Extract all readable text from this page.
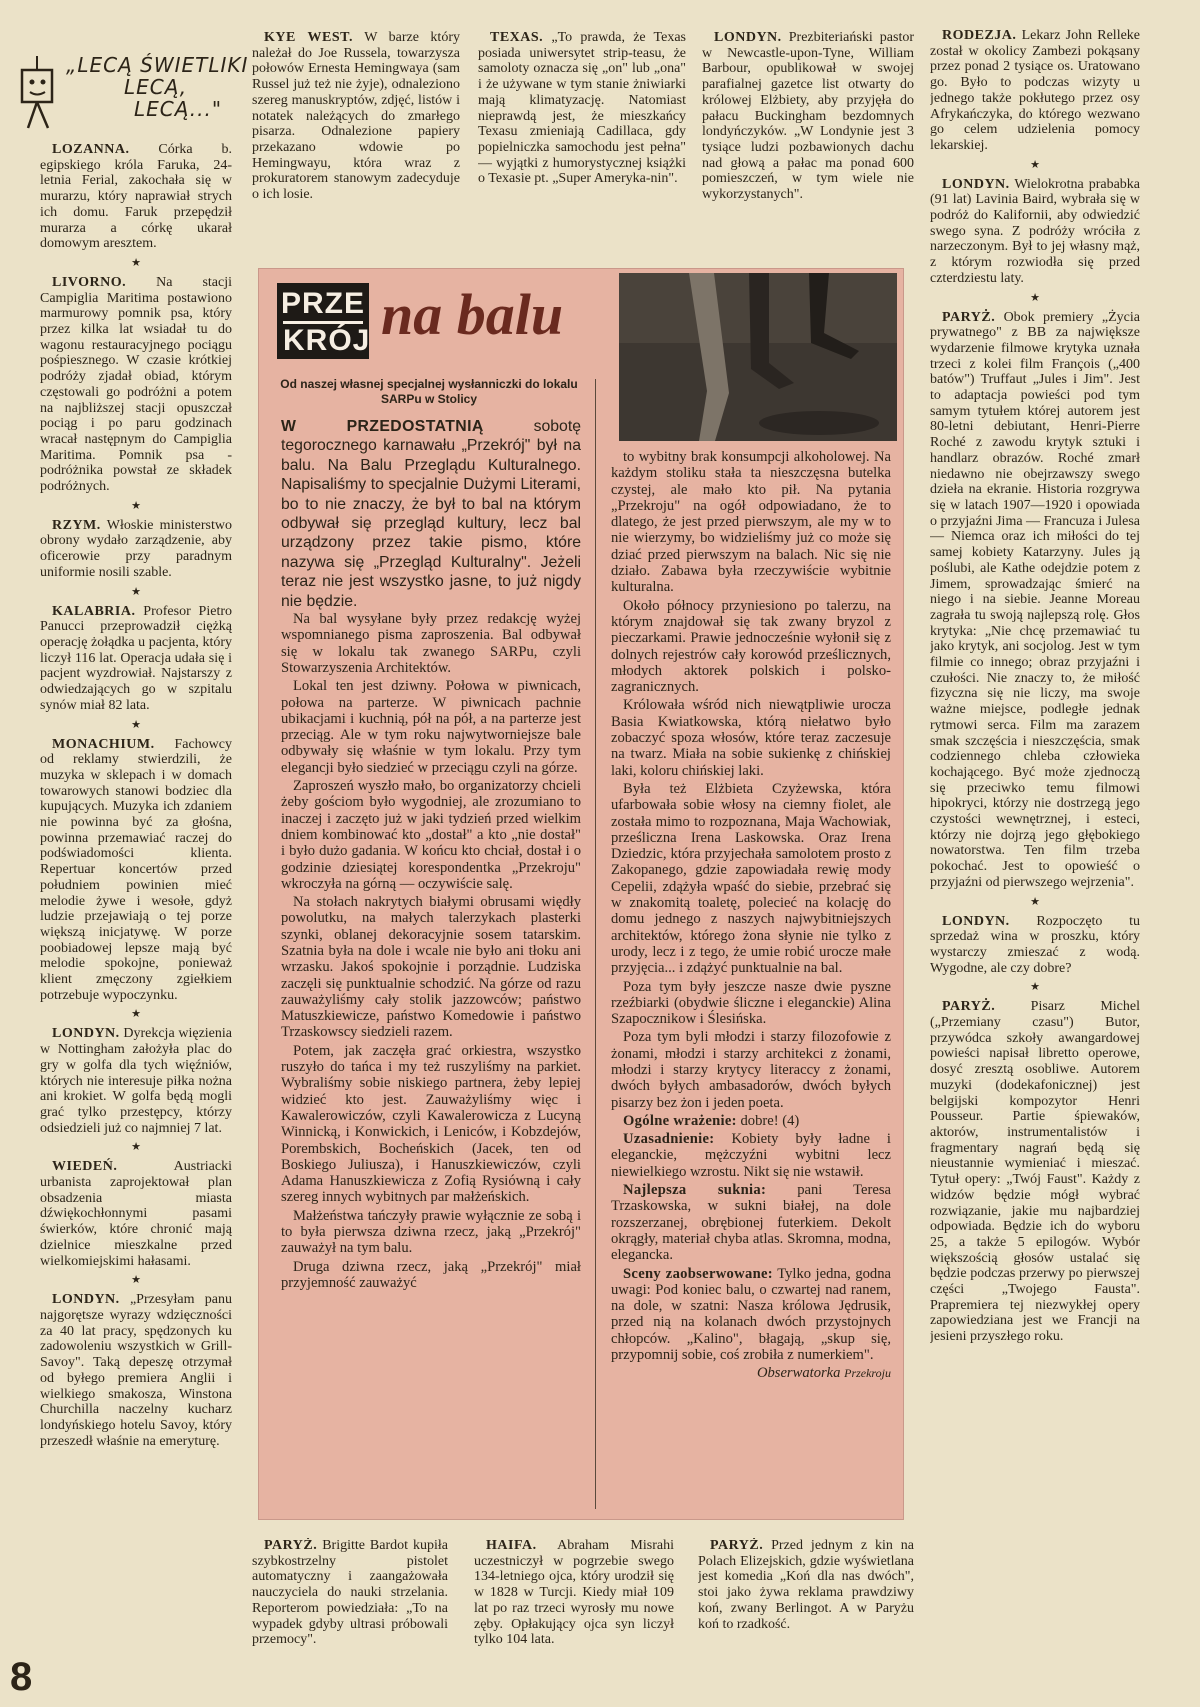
„LECĄ ŚWIETLIKI
LECĄ,
LECĄ..."

LOZANNA. Córka b. egipskiego króla Faruka, 24-letnia Ferial, zakochała się w murarzu, który naprawiał strych ich domu. Faruk przepędził murarza a córkę ukarał domowym aresztem.

★

LIVORNO. Na stacji Campiglia Maritima postawiono marmurowy pomnik psa, który przez kilka lat wsiadał tu do wagonu restauracyjnego pociągu pośpiesznego. W czasie krótkiej podróży zjadał obiad, którym częstowali go podróżni a potem na najbliższej stacji opuszczał pociąg i po paru godzinach wracał następnym do Campiglia Maritima. Pomnik psa - podróżnika powstał ze składek podróżnych.

★

RZYM. Włoskie ministerstwo obrony wydało zarządzenie, aby oficerowie przy paradnym uniformie nosili szable.

★

KALABRIA. Profesor Pietro Panucci przeprowadził ciężką operację żołądka u pacjenta, który liczył 116 lat. Operacja udała się i pacjent wyzdrowiał. Najstarszy z odwiedzających go w szpitalu synów miał 82 lata.

★

MONACHIUM. Fachowcy od reklamy stwierdzili, że muzyka w sklepach i w domach towarowych stanowi bodziec dla kupujących. Muzyka ich zdaniem nie powinna być za głośna, powinna przemawiać raczej do podświadomości klienta. Repertuar koncertów przed południem powinien mieć melodie żywe i wesołe, gdyż ludzie przejawiają o tej porze większą inicjatywę. W porze poobiadowej lepsze mają być melodie spokojne, ponieważ klient zmęczony zgiełkiem potrzebuje wypoczynku.

★

LONDYN. Dyrekcja więzienia w Nottingham założyła plac do gry w golfa dla tych więźniów, których nie interesuje piłka nożna ani krokiet. W golfa będą mogli grać tylko przestępcy, którzy odsiedzieli już co najmniej 7 lat.

★

WIEDEŃ.	Austriacki urbanista zaprojektował plan obsadzenia miasta dźwiękochłonnymi pasami świerków, które chronić mają dzielnice mieszkalne przed wielkomiejskimi hałasami.

★

LONDYN. „Przesyłam panu najgorętsze wyrazy wdzięczności za 40 lat pracy, spędzonych ku zadowoleniu wszystkich w Grill-Savoy". Taką depeszę otrzymał od byłego premiera Anglii i wielkiego smakosza, Winstona Churchilla naczelny kucharz londyńskiego hotelu Savoy, który przeszedł właśnie na emeryturę.

KYE WEST. W barze który należał do Joe Russela, towarzysza połowów Ernesta Hemingwaya (sam Russel już też nie żyje), odnaleziono szereg manuskryptów, zdjęć, listów i notatek należących do zmarłego pisarza. Odnalezione papiery przekazano wdowie po Hemingwayu, która wraz z prokuratorem stanowym zadecyduje o ich losie.

TEXAS. „To prawda, że Texas posiada uniwersytet strip-teasu, że samoloty oznacza się „on" lub „ona" i że używane w tym stanie żniwiarki mają klimatyzację. Natomiast nieprawdą jest, że mieszkańcy Texasu zmieniają Cadillaca, gdy popielniczka samochodu jest pełna" — wyjątki z humorystycznej książki o Texasie pt. „Super Ameryka-nin".

LONDYN. Prezbiteriański pastor w Newcastle-upon-Tyne, William Barbour, opublikował w swojej parafialnej gazetce list otwarty do królowej Elżbiety, aby przyjęła do pałacu Buckingham bezdomnych londyńczyków. „W Londynie jest 3 tysiące ludzi pozbawionych dachu nad głową a pałac ma ponad 600 pomieszczeń, w tym wiele nie wykorzystanych".

RODEZJA. Lekarz John Relleke został w okolicy Zambezi pokąsany przez ponad 2 tysiące os. Uratowano go. Było to podczas wizyty u jednego także pokłutego przez osy Afrykańczyka, do którego wezwano go celem udzielenia pomocy lekarskiej.

★

LONDYN. Wielokrotna prababka (91 lat) Lavinia Baird, wybrała się w podróż do Kalifornii, aby odwiedzić swego syna. Z podróży wróciła z narzeczonym. Był to jej własny mąż, z którym rozwiodła się przed czterdziestu laty.

★

PARYŻ. Obok premiery „Życia prywatnego" z BB za największe wydarzenie filmowe krytyka uznała trzeci z kolei film François („400 batów") Truffaut „Jules i Jim". Jest to adaptacja powieści pod tym samym tytułem której autorem jest 80-letni debiutant, Henri-Pierre Roché z zawodu krytyk sztuki i handlarz obrazów. Roché zmarł niedawno nie obejrzawszy swego dzieła na ekranie. Historia rozgrywa się w latach 1907—1920 i opowiada o przyjaźni Jima — Francuza i Julesa — Niemca oraz ich miłości do tej samej kobiety Katarzyny. Jules ją poślubi, ale Kathe odejdzie potem z Jimem, sprowadzając śmierć na niego i na siebie. Jeanne Moreau zagrała tu swoją najlepszą rolę. Głos krytyka: „Nie chcę przemawiać tu jako krytyk, ani socjolog. Jest w tym filmie co innego; obraz przyjaźni i czułości. Nie znaczy to, że miłość fizyczna się nie liczy, ma swoje ważne miejsce, podległe jednak rytmowi serca. Film ma zarazem smak szczęścia i nieszczęścia, smak codziennego chleba człowieka kochającego. Być może zjednoczą się przeciwko temu filmowi hipokryci, którzy nie dostrzegą jego czystości wewnętrznej, i esteci, którzy nie dojrzą jego głębokiego nowatorstwa. Ten film trzeba pokochać. Jest to opowieść o przyjaźni od pierwszego wejrzenia".

★

LONDYN. Rozpoczęto tu sprzedaż wina w proszku, który wystarczy zmieszać z wodą. Wygodne, ale czy dobre?

★

PARYŻ.	Pisarz Michel („Przemiany czasu") Butor, przywódca szkoły awangardowej powieści napisał libretto operowe, dosyć zresztą osobliwe. Autorem muzyki (dodekafonicznej) jest belgijski kompozytor Henri Pousseur. Partie śpiewaków, aktorów, instrumentalistów i fragmentary nagrań będą się nieustannie wymieniać i mieszać. Tytuł opery: „Twój Faust". Każdy z widzów będzie mógł wybrać rozwiązanie, jakie mu najbardziej odpowiada. Będzie ich do wyboru 25, a także 5 epilogów. Wybór większością głosów ustalać się będzie podczas przerwy po pierwszej części „Twojego Fausta". Prapremiera tej niezwykłej opery zapowiedziana jest we Francji na jesieni przyszłego roku.

PRZE
KRÓJ na balu
Od naszej własnej specjalnej wysłanniczki do lokalu SARPu w Stolicy
W PRZEDOSTATNIĄ	sobotę tegorocznego karnawału „Przekrój" był na balu. Na Balu Przeglądu Kulturalnego. Napisaliśmy to specjalnie Dużymi Literami, bo to nie znaczy, że był to bal na którym odbywał się przegląd kultury, lecz bal urządzony przez takie pismo, które nazywa się „Przegląd Kulturalny". Jeżeli teraz nie jest wszystko jasne, to już nigdy nie będzie.

Na bal wysyłane były przez redakcję wyżej wspomnianego pisma zaproszenia. Bal odbywał się w lokalu tak zwanego SARPu, czyli Stowarzyszenia Architektów.

Lokal ten jest dziwny. Połowa w piwnicach, połowa na parterze. W piwnicach pachnie ubikacjami i kuchnią, pół na pół, a na parterze jest przeciąg. Ale w tym roku najwytworniejsze bale odbywały się właśnie w tym lokalu. Przy tym elegancji było siedzieć w przeciągu czyli na górze.

Zaproszeń wyszło mało, bo organizatorzy chcieli żeby gościom było wygodniej, ale zrozumiano to inaczej i zaczęto już w jaki tydzień przed wielkim dniem kombinować kto „dostał" a kto „nie dostał" i było dużo gadania. W końcu kto chciał, dostał i o godzinie dziesiątej korespondentka „Przekroju" wkroczyła na górną — oczywiście salę.

Na stołach nakrytych białymi obrusami więdły powolutku, na małych talerzykach plasterki szynki, oblanej dekoracyjnie sosem tatarskim. Szatnia była na dole i wcale nie było ani tłoku ani wrzasku. Jakoś spokojnie i porządnie. Ludziska zaczęli się punktualnie schodzić. Na górze od razu zauważyliśmy cały stolik jazzowców; państwo Matuszkiewicze, państwo Komedowie i państwo Trzaskowscy siedzieli razem.

Potem, jak zaczęła grać orkiestra, wszystko ruszyło do tańca i my też ruszyliśmy na parkiet. Wybraliśmy sobie niskiego partnera, żeby lepiej widzieć kto jest. Zauważyliśmy więc i Kawalerowiczów, czyli Kawalerowicza z Lucyną Winnicką, i Konwickich, i Leniców, i Kobzdejów, Porembskich, Bocheńskich (Jacek, ten od Boskiego Juliusza), i Hanuszkiewiczów, czyli Adama Hanuszkiewicza z Zofią Rysiówną i cały szereg innych wybitnych par małżeńskich.

Małżeństwa tańczyły prawie wyłącznie ze sobą i to była pierwsza dziwna rzecz, jaką „Przekrój" zauważył na tym balu.

Druga dziwna rzecz, jaką „Przekrój" miał przyjemność zauważyć

to wybitny brak konsumpcji alkoholowej. Na każdym stoliku stała ta nieszczęsna butelka czystej, ale mało kto pił. Na pytania „Przekroju" na ogół odpowiadano, że to dlatego, że jest przed pierwszym, ale my w to nie wierzymy, bo widzieliśmy już co może się dziać przed pierwszym na balach. Nic się nie działo. Zabawa była rzeczywiście wybitnie kulturalna.

Około północy przyniesiono po talerzu, na którym znajdował się tak zwany bryzol z pieczarkami. Prawie jednocześnie wyłonił się z dolnych rejestrów cały korowód prześlicznych, młodych aktorek polskich i polsko-zagranicznych.

Królowała wśród nich niewątpliwie urocza Basia Kwiatkowska, którą niełatwo było zobaczyć spoza włosów, które teraz zaczesuje na twarz. Miała na sobie sukienkę z chińskiej laki, koloru chińskiej laki.

Była też Elżbieta Czyżewska, która ufarbowała sobie włosy na ciemny fiolet, ale została mimo to rozpoznana, Maja Wachowiak, prześliczna Irena Laskowska. Oraz Irena Dziedzic, która przyjechała samolotem prosto z Zakopanego, gdzie zapowiadała rewię mody Cepelii, zdążyła wpaść do siebie, przebrać się w znakomitą toaletę, polecieć na kolację do domu jednego z naszych najwybitniejszych architektów, którego żona słynie nie tylko z urody, lecz i z tego, że umie robić urocze małe przyjęcia... i zdążyć punktualnie na bal.

Poza tym były jeszcze nasze dwie pyszne rzeźbiarki (obydwie śliczne i eleganckie) Alina Szapocznikow i Ślesińska.

Poza tym byli młodzi i starzy filozofowie z żonami, młodzi i starzy architekci z żonami, młodzi i starzy krytycy literaccy z żonami, dwóch byłych ambasadorów, dwóch byłych pisarzy bez żon i jeden poeta.

Ogólne wrażenie: dobre! (4)

Uzasadnienie: Kobiety były ładne i eleganckie, mężczyźni wybitni lecz niewielkiego wzrostu. Nikt się nie wstawił.

Najlepsza suknia: pani Teresa Trzaskowska, w sukni białej, na dole rozszerzanej, obrębionej futerkiem. Dekolt okrągły, materiał chyba atlas. Skromna, modna, elegancka.

Sceny zaobserwowane: Tylko jedna, godna uwagi: Pod koniec balu, o czwartej nad ranem, na dole, w szatni: Nasza królowa Jędrusik, przed nią na kolanach dwóch przystojnych chłopców. „Kalino", błagają, „skup się, przypomnij sobie, coś zrobiła z numerkiem".

Obserwatorka Przekroju

PARYŻ. Brigitte Bardot kupiła szybkostrzelny pistolet automatyczny i zaangażowała nauczyciela do nauki strzelania. Reporterom powiedziała: „To na wypadek gdyby ultrasi próbowali przemocy".

HAIFA. Abraham Misrahi uczestniczył w pogrzebie swego 134-letniego ojca, który urodził się w 1828 w Turcji. Kiedy miał 109 lat po raz trzeci wyrosły mu nowe zęby. Opłakujący ojca syn liczył tylko 104 lata.

PARYŻ. Przed jednym z kin na Polach Elizejskich, gdzie wyświetlana jest komedia „Koń dla nas dwóch", stoi jako żywa reklama prawdziwy koń, zwany Berlingot. A w Paryżu koń to rzadkość.

8
